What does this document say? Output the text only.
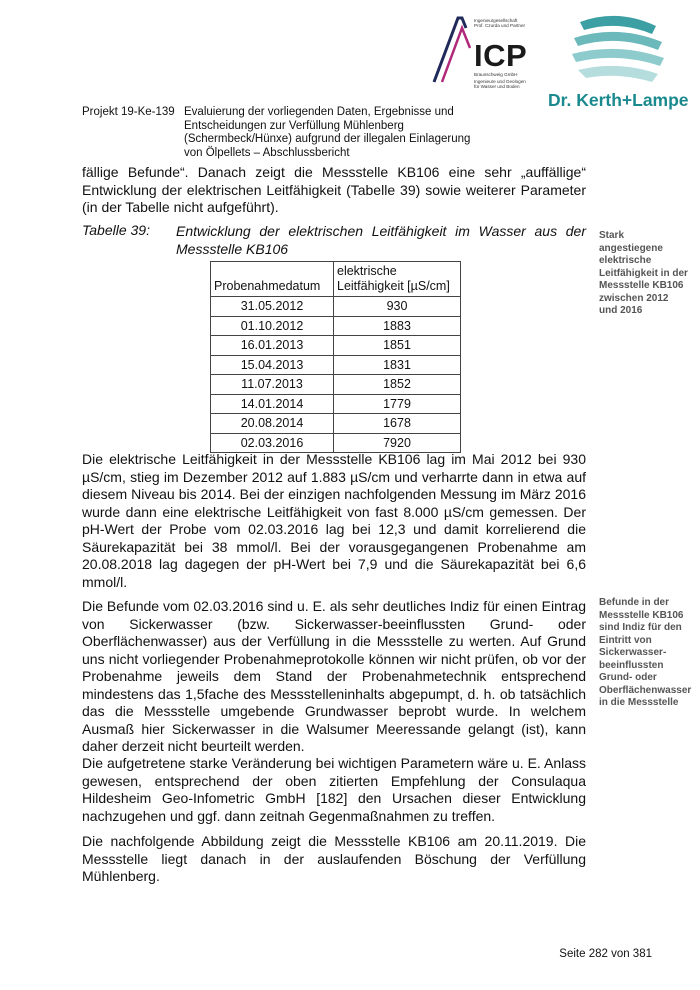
Ingenieurgesellschaft
Prof. Czurda und Partner
ICP
Braunschweig GmbH
Ingenieure und Geologen
für Wasser und Boden
Dr. Kerth+Lampe
Projekt 19-Ke-139 Evaluierung der vorliegenden Daten, Ergebnisse und Entscheidungen zur Verfüllung Mühlenberg (Schermbeck/Hünxe) aufgrund der illegalen Einlagerung von Ölpellets – Abschlussbericht
fällige Befunde“. Danach zeigt die Messstelle KB106 eine sehr „auffällige“ Entwicklung der elektrischen Leitfähigkeit (Tabelle 39) sowie weiterer Parameter (in der Tabelle nicht aufgeführt).
Tabelle 39: Entwicklung der elektrischen Leitfähigkeit im Wasser aus der Messstelle KB106
Stark angestiegene elektrische Leitfähigkeit in der Messstelle KB106 zwischen 2012 und 2016
Probenahmedatum	elektrische Leitfähigkeit [µS/cm]
31.05.2012	930
01.10.2012	1883
16.01.2013	1851
15.04.2013	1831
11.07.2013	1852
14.01.2014	1779
20.08.2014	1678
02.03.2016	7920
Die elektrische Leitfähigkeit in der Messstelle KB106 lag im Mai 2012 bei 930 µS/cm, stieg im Dezember 2012 auf 1.883 µS/cm und verharrte dann in etwa auf diesem Niveau bis 2014. Bei der einzigen nachfolgenden Messung im März 2016 wurde dann eine elektrische Leitfähigkeit von fast 8.000 µS/cm gemessen. Der pH-Wert der Probe vom 02.03.2016 lag bei 12,3 und damit korrelierend die Säurekapazität bei 38 mmol/l. Bei der vorausgegangenen Probenahme am 20.08.2018 lag dagegen der pH-Wert bei 7,9 und die Säurekapazität bei 6,6 mmol/l.
Die Befunde vom 02.03.2016 sind u. E. als sehr deutliches Indiz für einen Eintrag von Sickerwasser (bzw. Sickerwasser-beeinflussten Grund- oder Oberflächenwasser) aus der Verfüllung in die Messstelle zu werten. Auf Grund uns nicht vorliegender Probenahmeprotokolle können wir nicht prüfen, ob vor der Probenahme jeweils dem Stand der Probenahmetechnik entsprechend mindestens das 1,5fache des Messstelleninhalts abgepumpt, d. h. ob tatsächlich das die Messstelle umgebende Grundwasser beprobt wurde. In welchem Ausmaß hier Sickerwasser in die Walsumer Meeressande gelangt (ist), kann daher derzeit nicht beurteilt werden.
Befunde in der Messstelle KB106 sind Indiz für den Eintritt von Sickerwasser-beeinflussten Grund- oder Oberflächenwasser in die Messstelle
Die aufgetretene starke Veränderung bei wichtigen Parametern wäre u. E. Anlass gewesen, entsprechend der oben zitierten Empfehlung der Consulaqua Hildesheim Geo-Infometric GmbH [182] den Ursachen dieser Entwicklung nachzugehen und ggf. dann zeitnah Gegenmaßnahmen zu treffen.
Die nachfolgende Abbildung zeigt die Messstelle KB106 am 20.11.2019. Die Messstelle liegt danach in der auslaufenden Böschung der Verfüllung Mühlenberg.
Seite 282 von 381
